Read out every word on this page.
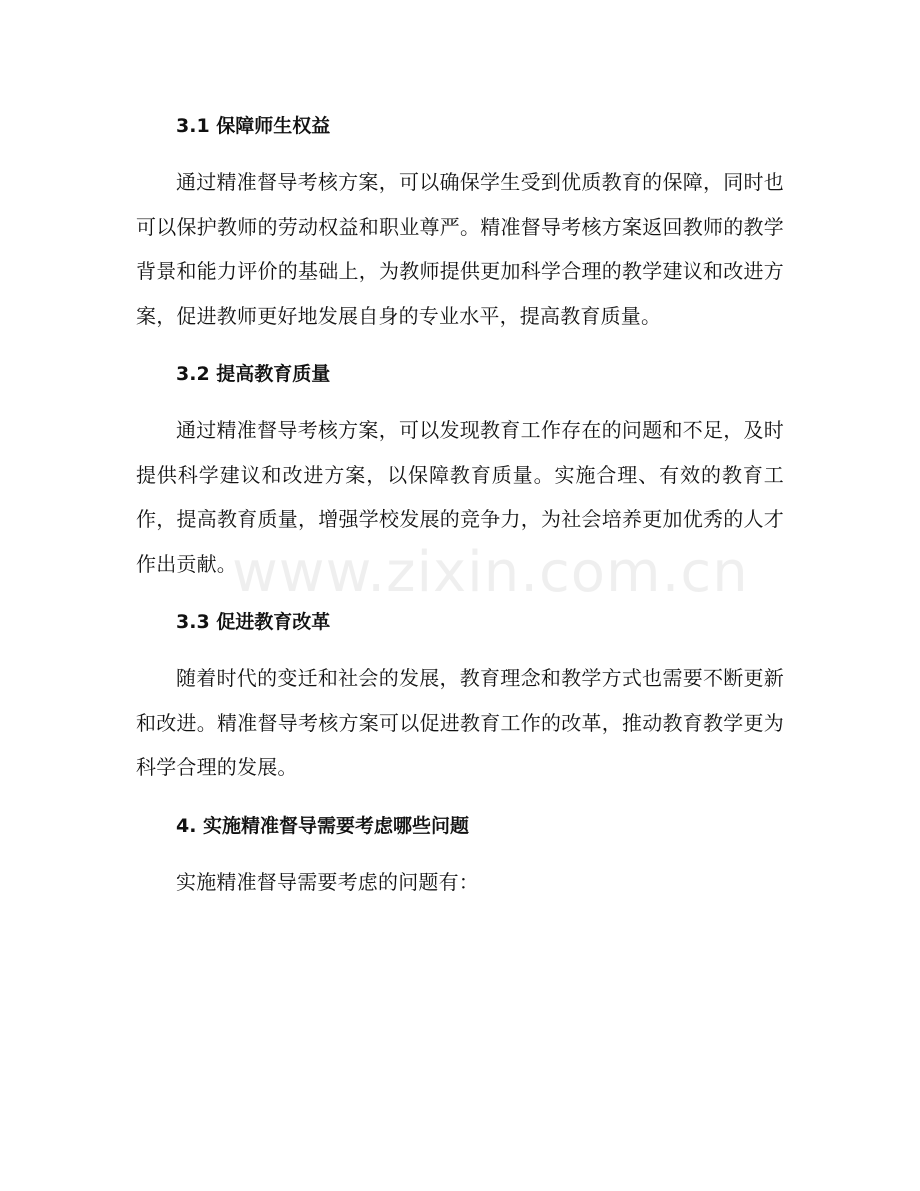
3.1 保障师生权益

通过精准督导考核方案，可以确保学生受到优质教育的保障，同时也可以保护教师的劳动权益和职业尊严。精准督导考核方案返回教师的教学背景和能力评价的基础上，为教师提供更加科学合理的教学建议和改进方案，促进教师更好地发展自身的专业水平，提高教育质量。

3.2 提高教育质量

通过精准督导考核方案，可以发现教育工作存在的问题和不足，及时提供科学建议和改进方案，以保障教育质量。实施合理、有效的教育工作，提高教育质量，增强学校发展的竞争力，为社会培养更加优秀的人才作出贡献。

3.3 促进教育改革

随着时代的变迁和社会的发展，教育理念和教学方式也需要不断更新和改进。精准督导考核方案可以促进教育工作的改革，推动教育教学更为科学合理的发展。

4. 实施精准督导需要考虑哪些问题

实施精准督导需要考虑的问题有：

www.zixin.com.cn
